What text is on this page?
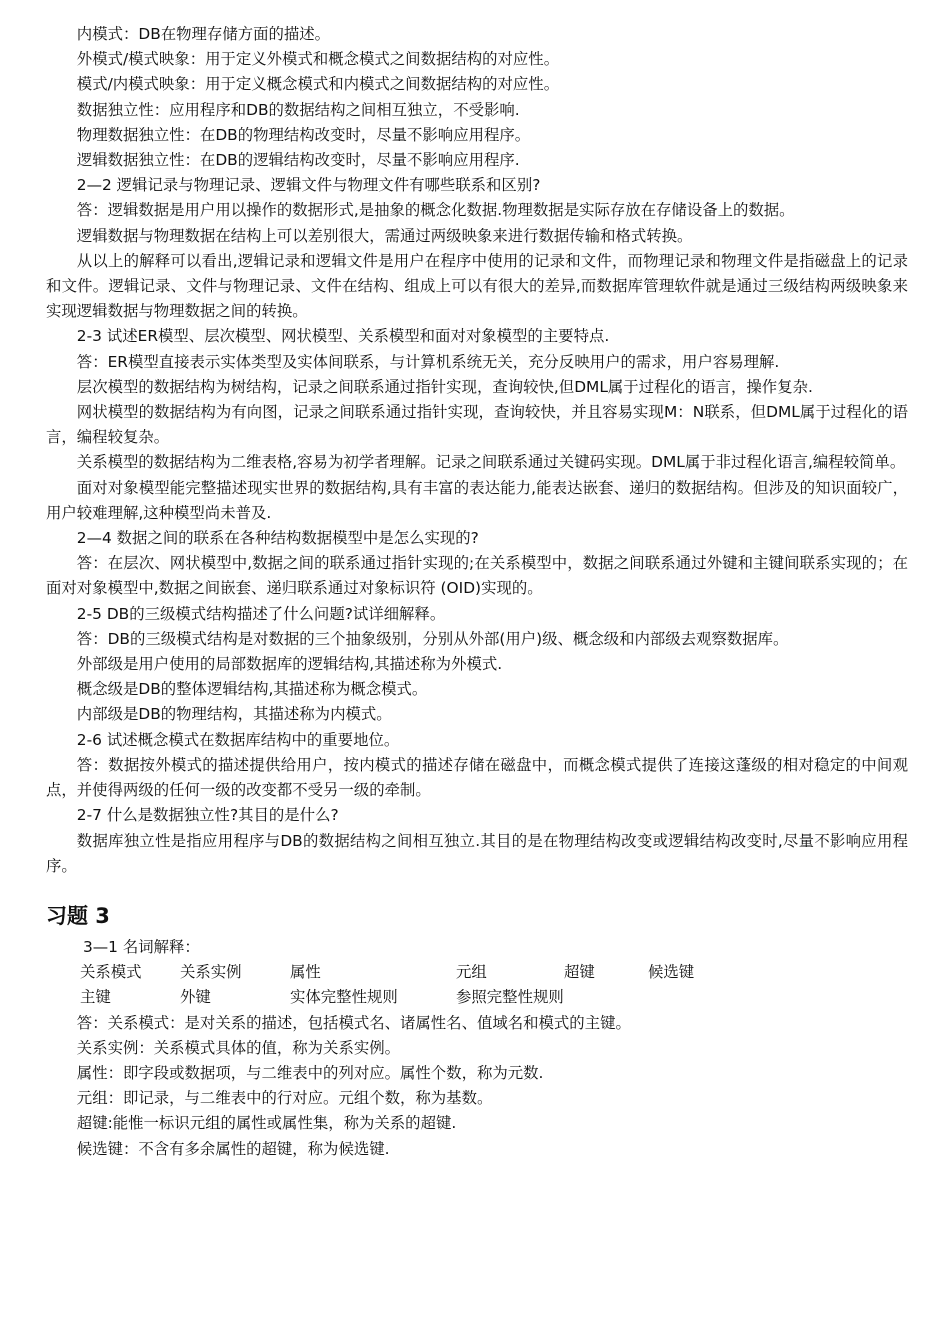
内模式：DB在物理存储方面的描述。

外模式/模式映象：用于定义外模式和概念模式之间数据结构的对应性。

模式/内模式映象：用于定义概念模式和内模式之间数据结构的对应性。

数据独立性：应用程序和DB的数据结构之间相互独立，不受影响.

物理数据独立性：在DB的物理结构改变时，尽量不影响应用程序。

逻辑数据独立性：在DB的逻辑结构改变时，尽量不影响应用程序.

2—2 逻辑记录与物理记录、逻辑文件与物理文件有哪些联系和区别?

答：逻辑数据是用户用以操作的数据形式,是抽象的概念化数据.物理数据是实际存放在存储设备上的数据。

逻辑数据与物理数据在结构上可以差别很大，需通过两级映象来进行数据传输和格式转换。

从以上的解释可以看出,逻辑记录和逻辑文件是用户在程序中使用的记录和文件，而物理记录和物理文件是指磁盘上的记录和文件。逻辑记录、文件与物理记录、文件在结构、组成上可以有很大的差异,而数据库管理软件就是通过三级结构两级映象来实现逻辑数据与物理数据之间的转换。

2-3 试述ER模型、层次模型、网状模型、关系模型和面对对象模型的主要特点.

答：ER模型直接表示实体类型及实体间联系，与计算机系统无关，充分反映用户的需求，用户容易理解.

层次模型的数据结构为树结构，记录之间联系通过指针实现，查询较快,但DML属于过程化的语言，操作复杂.

网状模型的数据结构为有向图，记录之间联系通过指针实现，查询较快，并且容易实现M：N联系，但DML属于过程化的语言，编程较复杂。

关系模型的数据结构为二维表格,容易为初学者理解。记录之间联系通过关键码实现。DML属于非过程化语言,编程较简单。

面对对象模型能完整描述现实世界的数据结构,具有丰富的表达能力,能表达嵌套、递归的数据结构。但涉及的知识面较广，用户较难理解,这种模型尚未普及.

2—4 数据之间的联系在各种结构数据模型中是怎么实现的?

答：在层次、网状模型中,数据之间的联系通过指针实现的;在关系模型中，数据之间联系通过外键和主键间联系实现的；在面对对象模型中,数据之间嵌套、递归联系通过对象标识符 (OID)实现的。

2-5 DB的三级模式结构描述了什么问题?试详细解释。

答：DB的三级模式结构是对数据的三个抽象级别，分别从外部(用户)级、概念级和内部级去观察数据库。

外部级是用户使用的局部数据库的逻辑结构,其描述称为外模式.

概念级是DB的整体逻辑结构,其描述称为概念模式。

内部级是DB的物理结构，其描述称为内模式。

2-6 试述概念模式在数据库结构中的重要地位。

答：数据按外模式的描述提供给用户，按内模式的描述存储在磁盘中，而概念模式提供了连接这蓬级的相对稳定的中间观点，并使得两级的任何一级的改变都不受另一级的牵制。

2-7 什么是数据独立性?其目的是什么?

数据库独立性是指应用程序与DB的数据结构之间相互独立.其目的是在物理结构改变或逻辑结构改变时,尽量不影响应用程序。

习题 3

3—1 名词解释：

关系模式	关系实例	属性	元组	超键	候选键
主键	外键	实体完整性规则	参照完整性规则

答：关系模式：是对关系的描述，包括模式名、诸属性名、值域名和模式的主键。

关系实例：关系模式具体的值，称为关系实例。

属性：即字段或数据项，与二维表中的列对应。属性个数，称为元数.

元组：即记录，与二维表中的行对应。元组个数，称为基数。

超键:能惟一标识元组的属性或属性集，称为关系的超键.

候选键：不含有多余属性的超键，称为候选键.
